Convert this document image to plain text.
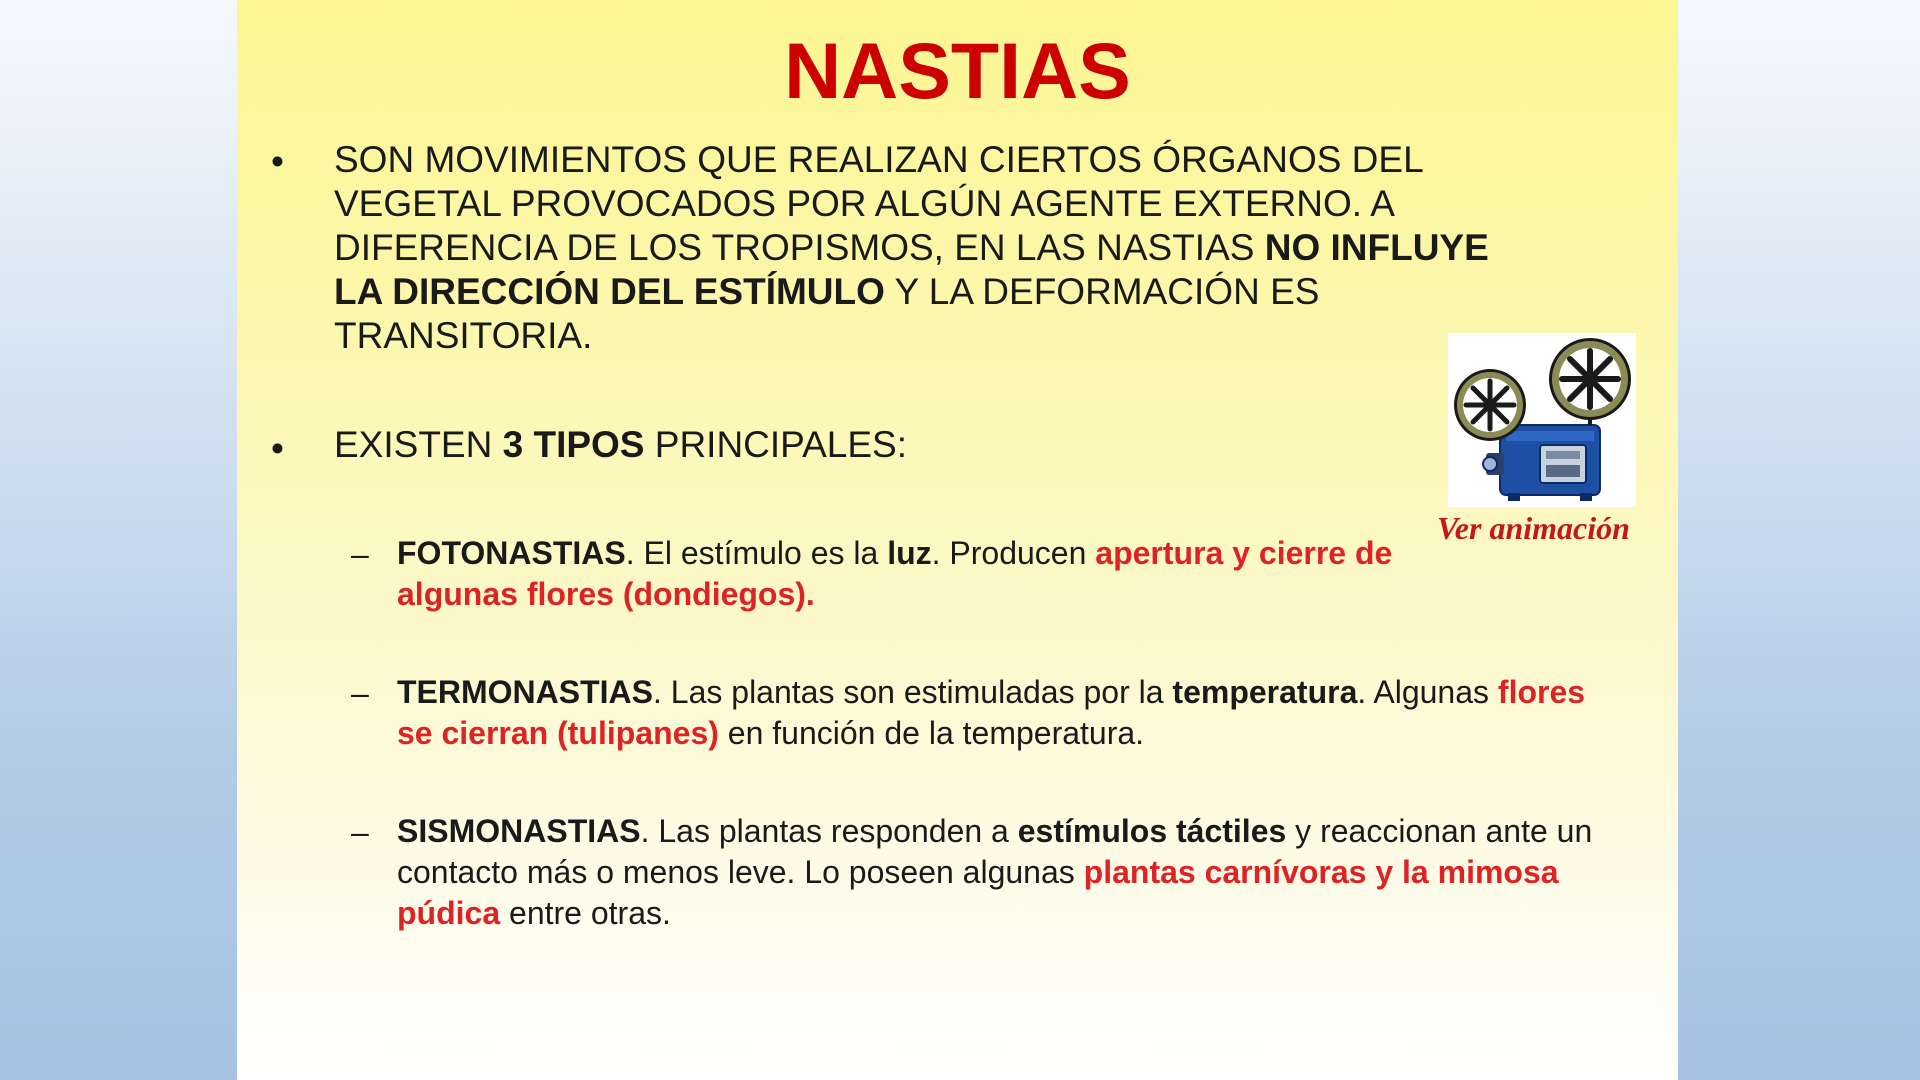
NASTIAS
• SON MOVIMIENTOS QUE REALIZAN CIERTOS ÓRGANOS DEL
VEGETAL PROVOCADOS POR ALGÚN AGENTE EXTERNO. A
DIFERENCIA DE LOS TROPISMOS, EN LAS NASTIAS NO INFLUYE
LA DIRECCIÓN DEL ESTÍMULO Y LA DEFORMACIÓN ES
TRANSITORIA.
• EXISTEN 3 TIPOS PRINCIPALES:
– FOTONASTIAS. El estímulo es la luz. Producen apertura y cierre de algunas flores (dondiegos).
– TERMONASTIAS. Las plantas son estimuladas por la temperatura. Algunas flores se cierran (tulipanes) en función de la temperatura.
– SISMONASTIAS. Las plantas responden a estímulos táctiles y reaccionan ante un contacto más o menos leve. Lo poseen algunas plantas carnívoras y la mimosa púdica entre otras.
Ver animación
